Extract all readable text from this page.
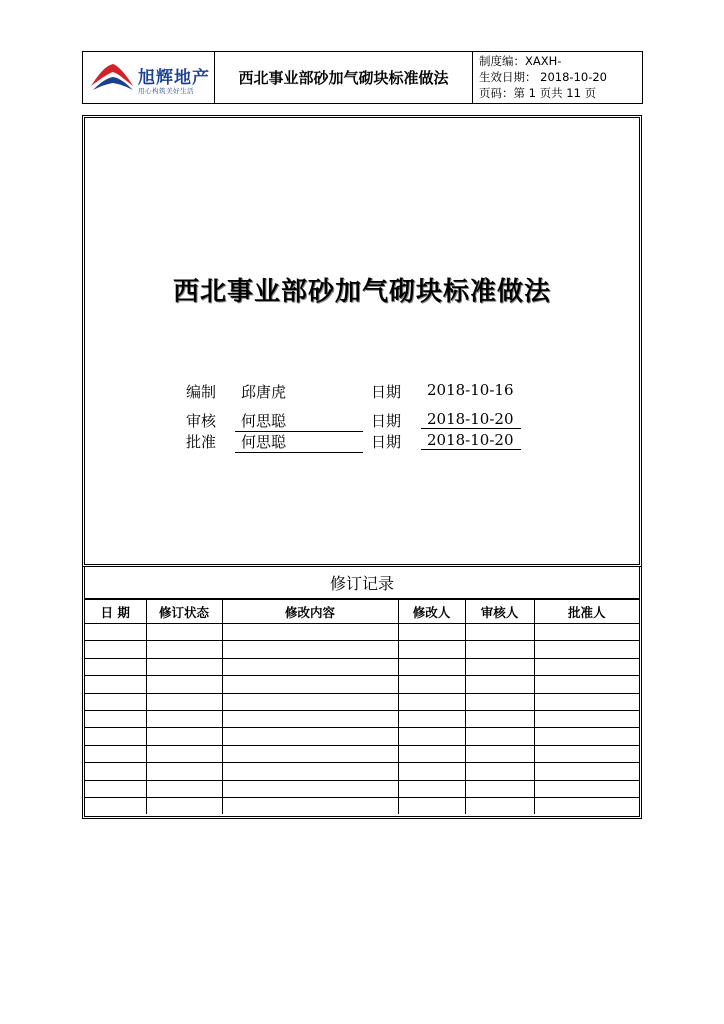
旭辉地产
用心构筑美好生活
西北事业部砂加气砌块标准做法
制度编：XAXH-
生效日期： 2018-10-20
页码：第 1 页共 11 页
西北事业部砂加气砌块标准做法
编制	邱唐虎	日期	2018-10-16
审核	何思聪	日期	2018-10-20
批准	何思聪	日期	2018-10-20
修订记录
日 期	修订状态	修改内容	修改人	审核人	批准人
